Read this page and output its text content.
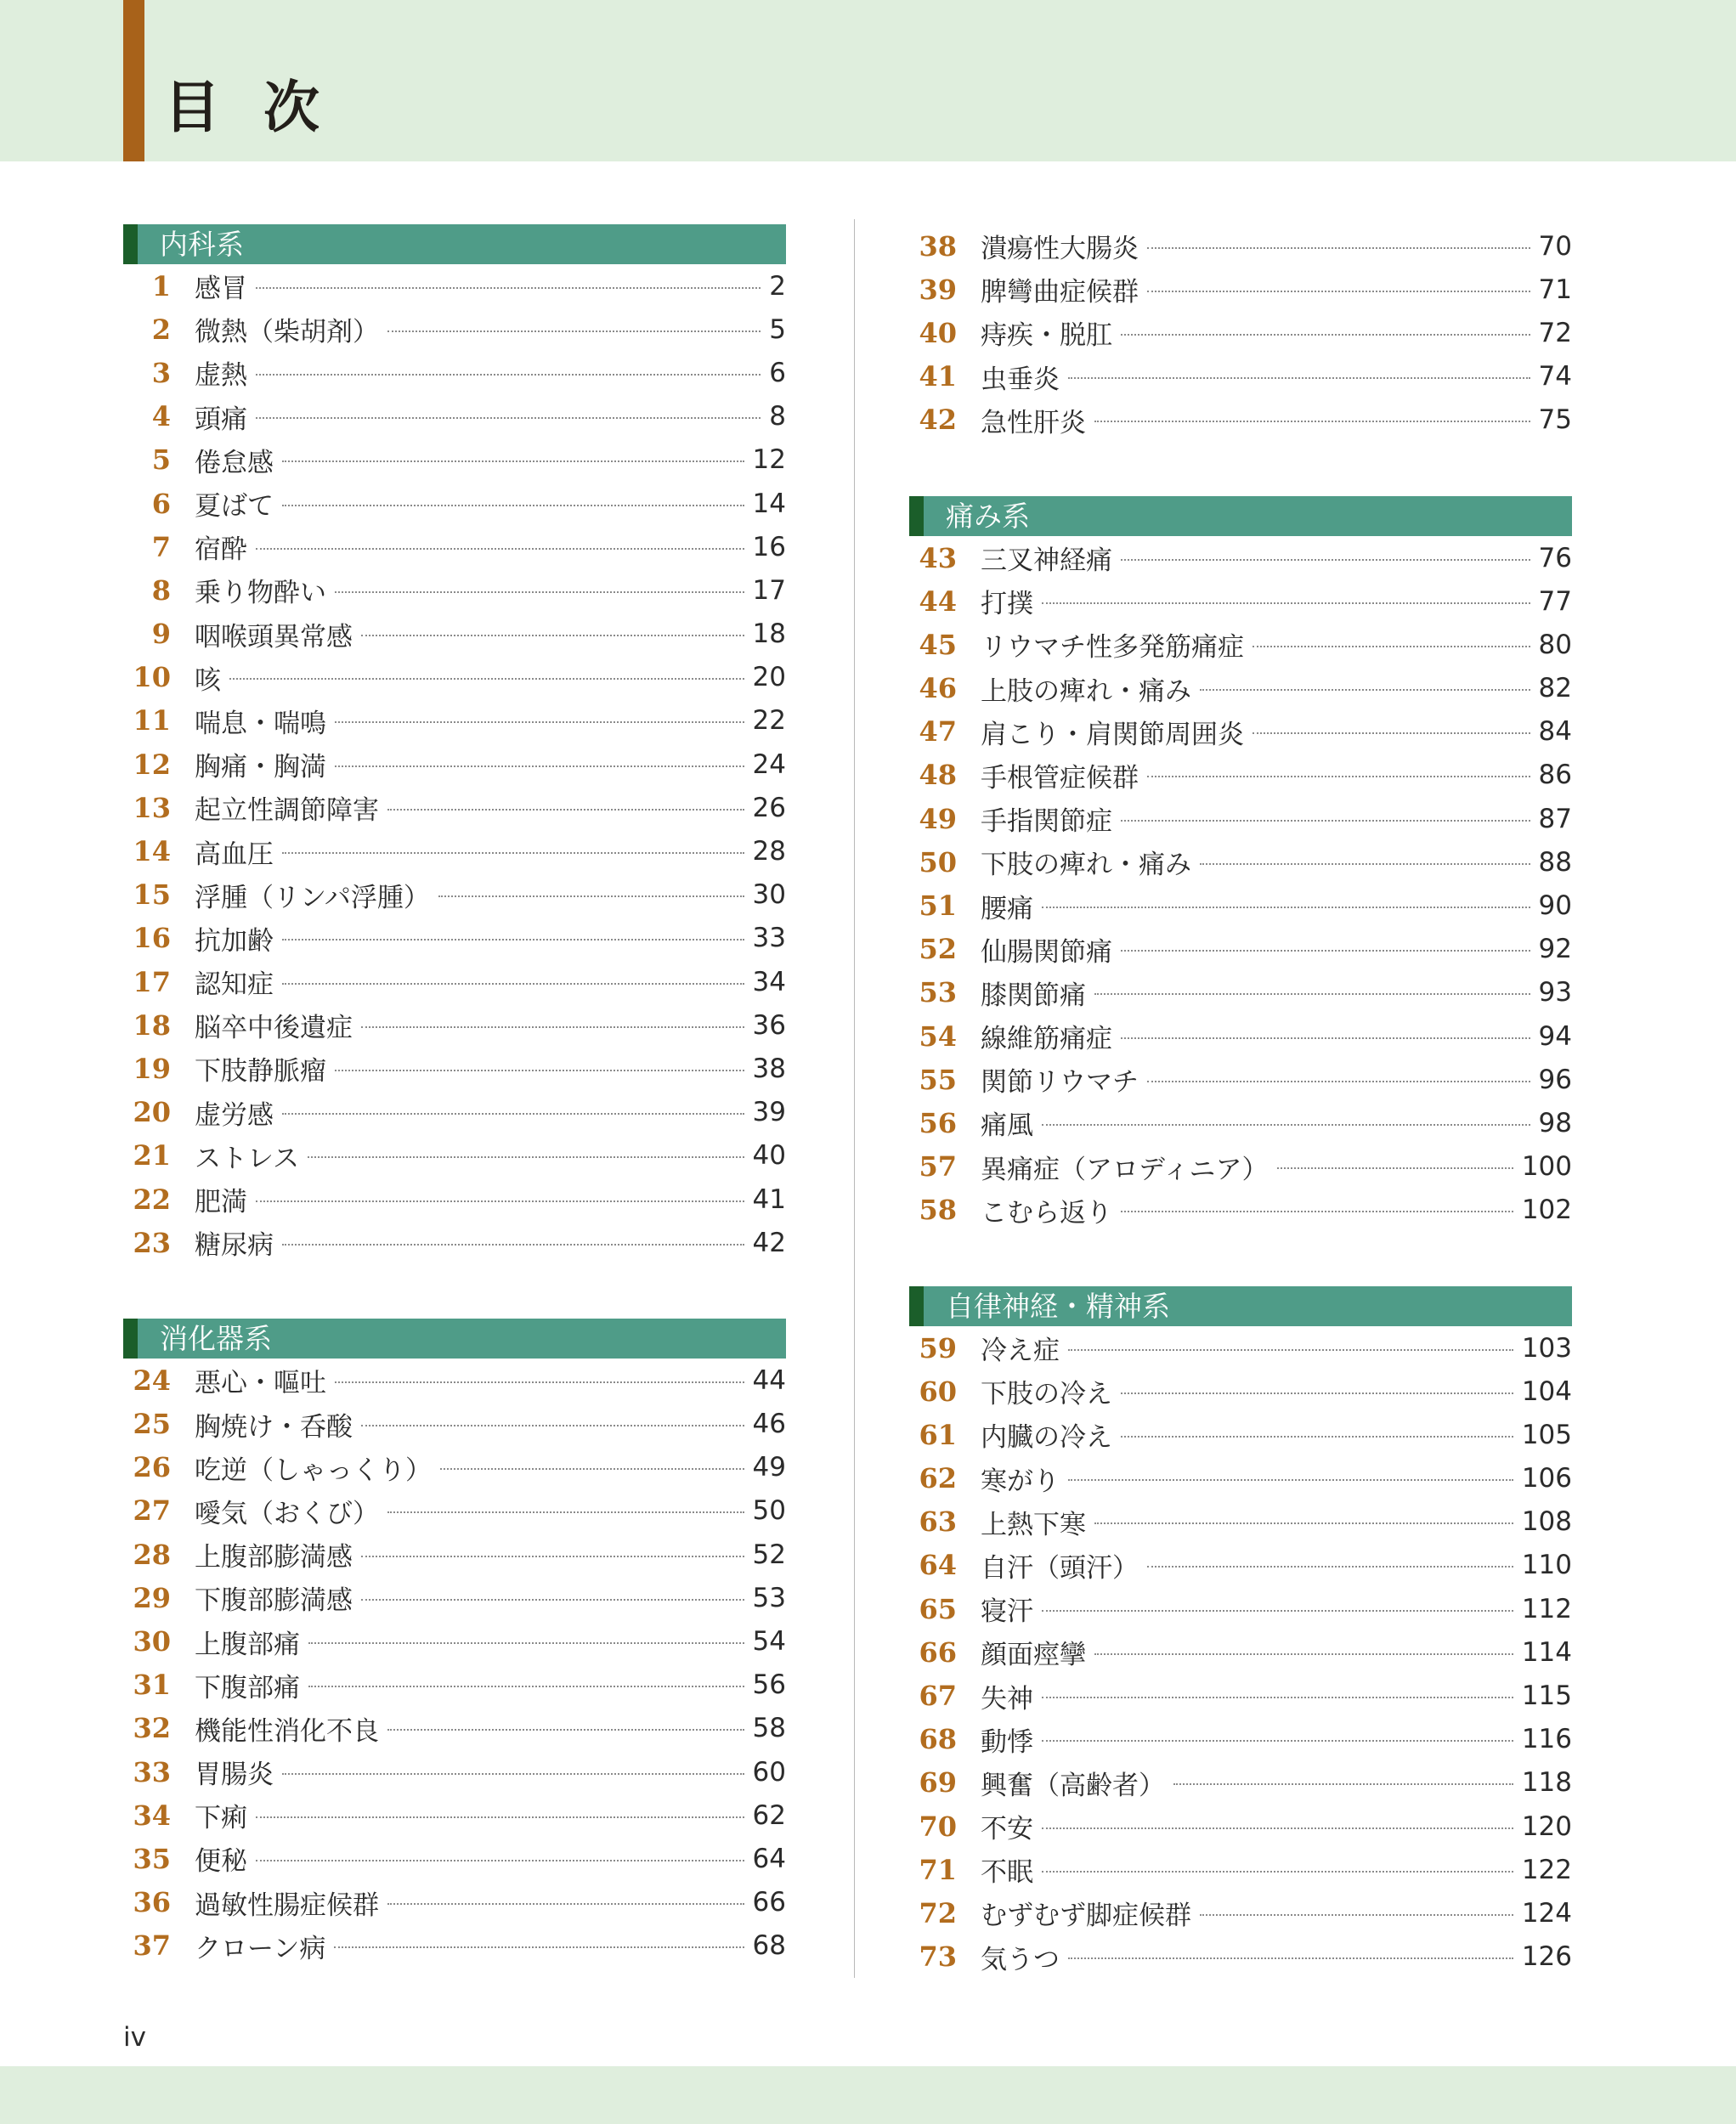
目 次
内科系
1 感冒	2
2 微熱（柴胡剤）	5
3 虚熱	6
4 頭痛	8
5 倦怠感	12
6 夏ばて	14
7 宿酔	16
8 乗り物酔い	17
9 咽喉頭異常感	18
10 咳	20
11 喘息・喘鳴	22
12 胸痛・胸満	24
13 起立性調節障害	26
14 高血圧	28
15 浮腫（リンパ浮腫）	30
16 抗加齢	33
17 認知症	34
18 脳卒中後遺症	36
19 下肢静脈瘤	38
20 虚労感	39
21 ストレス	40
22 肥満	41
23 糖尿病	42
消化器系
24 悪心・嘔吐	44
25 胸焼け・呑酸	46
26 吃逆（しゃっくり）	49
27 噯気（おくび）	50
28 上腹部膨満感	52
29 下腹部膨満感	53
30 上腹部痛	54
31 下腹部痛	56
32 機能性消化不良	58
33 胃腸炎	60
34 下痢	62
35 便秘	64
36 過敏性腸症候群	66
37 クローン病	68
38 潰瘍性大腸炎	70
39 脾彎曲症候群	71
40 痔疾・脱肛	72
41 虫垂炎	74
42 急性肝炎	75
痛み系
43 三叉神経痛	76
44 打撲	77
45 リウマチ性多発筋痛症	80
46 上肢の痺れ・痛み	82
47 肩こり・肩関節周囲炎	84
48 手根管症候群	86
49 手指関節症	87
50 下肢の痺れ・痛み	88
51 腰痛	90
52 仙腸関節痛	92
53 膝関節痛	93
54 線維筋痛症	94
55 関節リウマチ	96
56 痛風	98
57 異痛症（アロディニア）	100
58 こむら返り	102
自律神経・精神系
59 冷え症	103
60 下肢の冷え	104
61 内臓の冷え	105
62 寒がり	106
63 上熱下寒	108
64 自汗（頭汗）	110
65 寝汗	112
66 顔面痙攣	114
67 失神	115
68 動悸	116
69 興奮（高齢者）	118
70 不安	120
71 不眠	122
72 むずむず脚症候群	124
73 気うつ	126
iv
